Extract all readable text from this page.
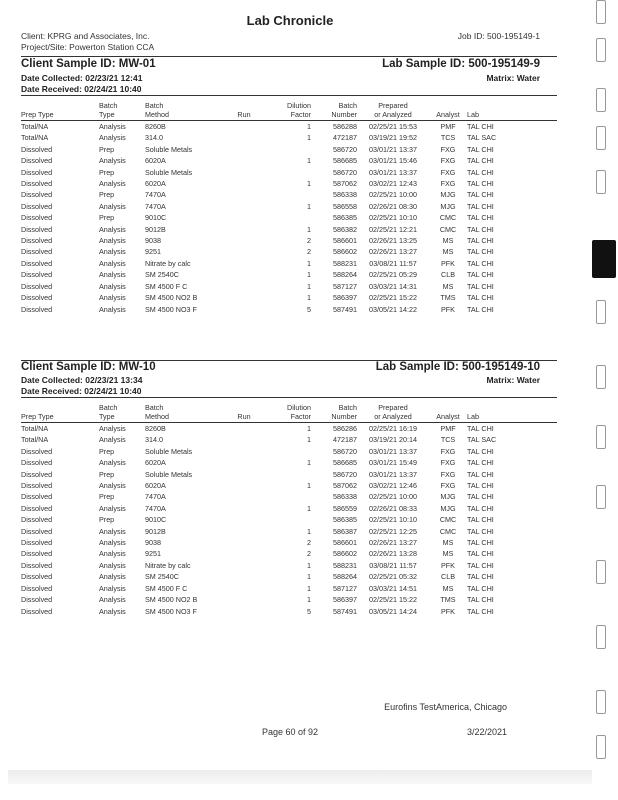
Lab Chronicle
Client: KPRG and Associates, Inc.	Job ID: 500-195149-1
Project/Site: Powerton Station CCA
Client Sample ID: MW-01	Lab Sample ID: 500-195149-9
Date Collected: 02/23/21 12:41	Matrix: Water
Date Received: 02/24/21 10:40
	Batch	Batch		Dilution	Batch	Prepared		
Prep Type	Type	Method	Run	Factor	Number	or Analyzed	Analyst	Lab
Total/NA	Analysis	8260B		1	586288	02/25/21 15:53	PMF	TAL CHI
Total/NA	Analysis	314.0		1	472187	03/19/21 19:52	TCS	TAL SAC
Dissolved	Prep	Soluble Metals			586720	03/01/21 13:37	FXG	TAL CHI
Dissolved	Analysis	6020A		1	586685	03/01/21 15:46	FXG	TAL CHI
Dissolved	Prep	Soluble Metals			586720	03/01/21 13:37	FXG	TAL CHI
Dissolved	Analysis	6020A		1	587062	03/02/21 12:43	FXG	TAL CHI
Dissolved	Prep	7470A			586338	02/25/21 10:00	MJG	TAL CHI
Dissolved	Analysis	7470A		1	586558	02/26/21 08:30	MJG	TAL CHI
Dissolved	Prep	9010C			586385	02/25/21 10:10	CMC	TAL CHI
Dissolved	Analysis	9012B		1	586382	02/25/21 12:21	CMC	TAL CHI
Dissolved	Analysis	9038		2	586601	02/26/21 13:25	MS	TAL CHI
Dissolved	Analysis	9251		2	586602	02/26/21 13:27	MS	TAL CHI
Dissolved	Analysis	Nitrate by calc		1	588231	03/08/21 11:57	PFK	TAL CHI
Dissolved	Analysis	SM 2540C		1	588264	02/25/21 05:29	CLB	TAL CHI
Dissolved	Analysis	SM 4500 F C		1	587127	03/03/21 14:31	MS	TAL CHI
Dissolved	Analysis	SM 4500 NO2 B		1	586397	02/25/21 15:22	TMS	TAL CHI
Dissolved	Analysis	SM 4500 NO3 F		5	587491	03/05/21 14:22	PFK	TAL CHI
Client Sample ID: MW-10	Lab Sample ID: 500-195149-10
Date Collected: 02/23/21 13:34	Matrix: Water
Date Received: 02/24/21 10:40
	Batch	Batch		Dilution	Batch	Prepared		
Prep Type	Type	Method	Run	Factor	Number	or Analyzed	Analyst	Lab
Total/NA	Analysis	8260B		1	586286	02/25/21 16:19	PMF	TAL CHI
Total/NA	Analysis	314.0		1	472187	03/19/21 20:14	TCS	TAL SAC
Dissolved	Prep	Soluble Metals			586720	03/01/21 13:37	FXG	TAL CHI
Dissolved	Analysis	6020A		1	586685	03/01/21 15:49	FXG	TAL CHI
Dissolved	Prep	Soluble Metals			586720	03/01/21 13:37	FXG	TAL CHI
Dissolved	Analysis	6020A		1	587062	03/02/21 12:46	FXG	TAL CHI
Dissolved	Prep	7470A			586338	02/25/21 10:00	MJG	TAL CHI
Dissolved	Analysis	7470A		1	586559	02/26/21 08:33	MJG	TAL CHI
Dissolved	Prep	9010C			586385	02/25/21 10:10	CMC	TAL CHI
Dissolved	Analysis	9012B		1	586387	02/25/21 12:25	CMC	TAL CHI
Dissolved	Analysis	9038		2	586601	02/26/21 13:27	MS	TAL CHI
Dissolved	Analysis	9251		2	586602	02/26/21 13:28	MS	TAL CHI
Dissolved	Analysis	Nitrate by calc		1	588231	03/08/21 11:57	PFK	TAL CHI
Dissolved	Analysis	SM 2540C		1	588264	02/25/21 05:32	CLB	TAL CHI
Dissolved	Analysis	SM 4500 F C		1	587127	03/03/21 14:51	MS	TAL CHI
Dissolved	Analysis	SM 4500 NO2 B		1	586397	02/25/21 15:22	TMS	TAL CHI
Dissolved	Analysis	SM 4500 NO3 F		5	587491	03/05/21 14:24	PFK	TAL CHI
Eurofins TestAmerica, Chicago
Page 60 of 92	3/22/2021
